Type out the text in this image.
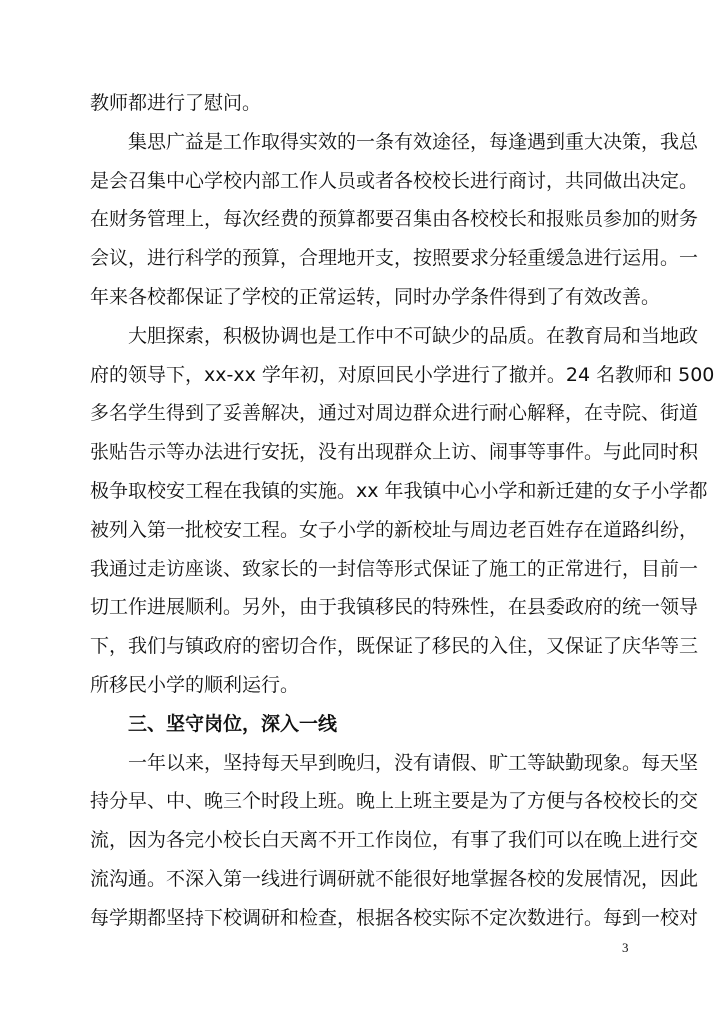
教师都进行了慰问。
集思广益是工作取得实效的一条有效途径，每逢遇到重大决策，我总
是会召集中心学校内部工作人员或者各校校长进行商讨，共同做出决定。
在财务管理上，每次经费的预算都要召集由各校校长和报账员参加的财务
会议，进行科学的预算，合理地开支，按照要求分轻重缓急进行运用。一
年来各校都保证了学校的正常运转，同时办学条件得到了有效改善。
大胆探索，积极协调也是工作中不可缺少的品质。在教育局和当地政
府的领导下，xx-xx 学年初，对原回民小学进行了撤并。24 名教师和 500
多名学生得到了妥善解决，通过对周边群众进行耐心解释，在寺院、街道
张贴告示等办法进行安抚，没有出现群众上访、闹事等事件。与此同时积
极争取校安工程在我镇的实施。xx 年我镇中心小学和新迁建的女子小学都
被列入第一批校安工程。女子小学的新校址与周边老百姓存在道路纠纷，
我通过走访座谈、致家长的一封信等形式保证了施工的正常进行，目前一
切工作进展顺利。另外，由于我镇移民的特殊性，在县委政府的统一领导
下，我们与镇政府的密切合作，既保证了移民的入住，又保证了庆华等三
所移民小学的顺利运行。
三、坚守岗位，深入一线
一年以来，坚持每天早到晚归，没有请假、旷工等缺勤现象。每天坚
持分早、中、晚三个时段上班。晚上上班主要是为了方便与各校校长的交
流，因为各完小校长白天离不开工作岗位，有事了我们可以在晚上进行交
流沟通。不深入第一线进行调研就不能很好地掌握各校的发展情况，因此
每学期都坚持下校调研和检查，根据各校实际不定次数进行。每到一校对
3
